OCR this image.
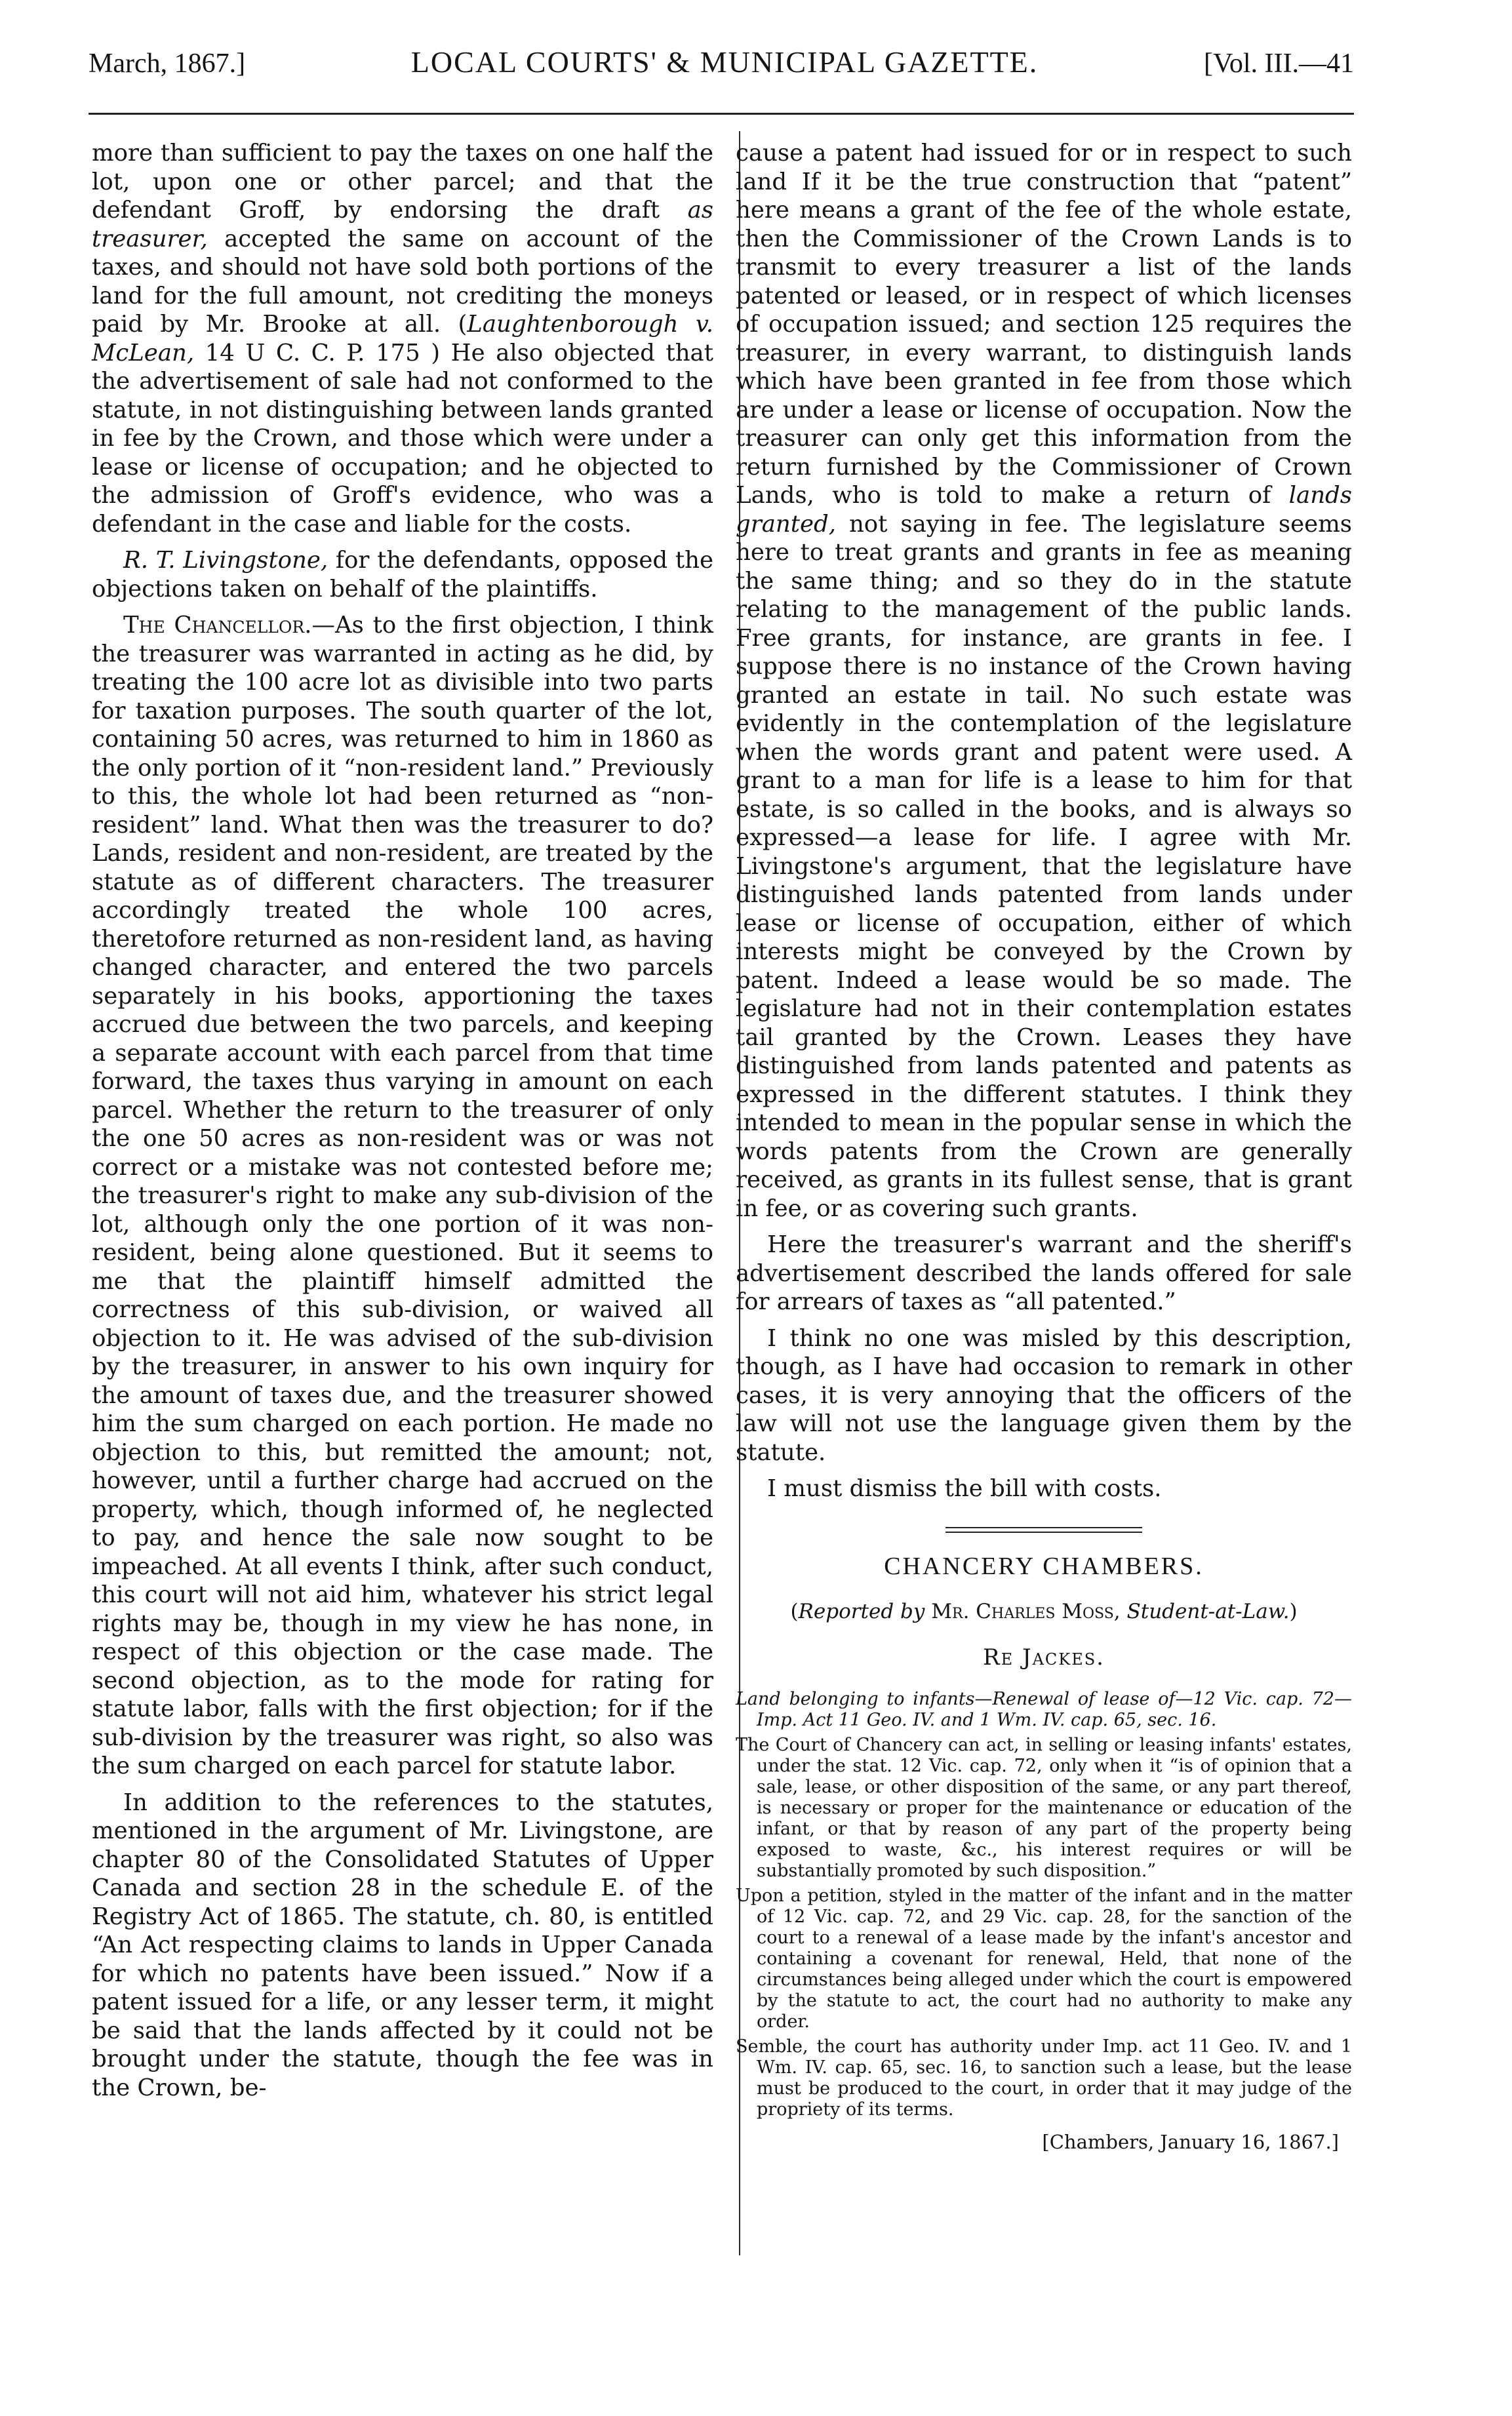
March, 1867.]	LOCAL COURTS' & MUNICIPAL GAZETTE.	[Vol. III.—41

more than sufficient to pay the taxes on one half the lot, upon one or other parcel; and that the defendant Groff, by endorsing the draft as treasurer, accepted the same on account of the taxes, and should not have sold both portions of the land for the full amount, not crediting the moneys paid by Mr. Brooke at all. (Laughtenborough v. McLean, 14 U C. C. P. 175 ) He also objected that the advertisement of sale had not conformed to the statute, in not distinguishing between lands granted in fee by the Crown, and those which were under a lease or license of occupation; and he objected to the admission of Groff's evidence, who was a defendant in the case and liable for the costs.

R. T. Livingstone, for the defendants, opposed the objections taken on behalf of the plaintiffs.

The Chancellor.—As to the first objection, I think the treasurer was warranted in acting as he did, by treating the 100 acre lot as divisible into two parts for taxation purposes. The south quarter of the lot, containing 50 acres, was returned to him in 1860 as the only portion of it “non-resident land.” Previously to this, the whole lot had been returned as “non-resident” land. What then was the treasurer to do? Lands, resident and non-resident, are treated by the statute as of different characters. The treasurer accordingly treated the whole 100 acres, theretofore returned as non-resident land, as having changed character, and entered the two parcels separately in his books, apportioning the taxes accrued due between the two parcels, and keeping a separate account with each parcel from that time forward, the taxes thus varying in amount on each parcel. Whether the return to the treasurer of only the one 50 acres as non-resident was or was not correct or a mistake was not contested before me; the treasurer's right to make any sub-division of the lot, although only the one portion of it was non-resident, being alone questioned. But it seems to me that the plaintiff himself admitted the correctness of this sub-division, or waived all objection to it. He was advised of the sub-division by the treasurer, in answer to his own inquiry for the amount of taxes due, and the treasurer showed him the sum charged on each portion. He made no objection to this, but remitted the amount; not, however, until a further charge had accrued on the property, which, though informed of, he neglected to pay, and hence the sale now sought to be impeached. At all events I think, after such conduct, this court will not aid him, whatever his strict legal rights may be, though in my view he has none, in respect of this objection or the case made. The second objection, as to the mode for rating for statute labor, falls with the first objection; for if the sub-division by the treasurer was right, so also was the sum charged on each parcel for statute labor.

In addition to the references to the statutes, mentioned in the argument of Mr. Livingstone, are chapter 80 of the Consolidated Statutes of Upper Canada and section 28 in the schedule E. of the Registry Act of 1865. The statute, ch. 80, is entitled “An Act respecting claims to lands in Upper Canada for which no patents have been issued.” Now if a patent issued for a life, or any lesser term, it might be said that the lands affected by it could not be brought under the statute, though the fee was in the Crown, be-

cause a patent had issued for or in respect to such land If it be the true construction that “patent” here means a grant of the fee of the whole estate, then the Commissioner of the Crown Lands is to transmit to every treasurer a list of the lands patented or leased, or in respect of which licenses of occupation issued; and section 125 requires the treasurer, in every warrant, to distinguish lands which have been granted in fee from those which are under a lease or license of occupation. Now the treasurer can only get this information from the return furnished by the Commissioner of Crown Lands, who is told to make a return of lands granted, not saying in fee. The legislature seems here to treat grants and grants in fee as meaning the same thing; and so they do in the statute relating to the management of the public lands. Free grants, for instance, are grants in fee. I suppose there is no instance of the Crown having granted an estate in tail. No such estate was evidently in the contemplation of the legislature when the words grant and patent were used. A grant to a man for life is a lease to him for that estate, is so called in the books, and is always so expressed—a lease for life. I agree with Mr. Livingstone's argument, that the legislature have distinguished lands patented from lands under lease or license of occupation, either of which interests might be conveyed by the Crown by patent. Indeed a lease would be so made. The legislature had not in their contemplation estates tail granted by the Crown. Leases they have distinguished from lands patented and patents as expressed in the different statutes. I think they intended to mean in the popular sense in which the words patents from the Crown are generally received, as grants in its fullest sense, that is grant in fee, or as covering such grants.

Here the treasurer's warrant and the sheriff's advertisement described the lands offered for sale for arrears of taxes as “all patented.”

I think no one was misled by this description, though, as I have had occasion to remark in other cases, it is very annoying that the officers of the law will not use the language given them by the statute.

I must dismiss the bill with costs.

CHANCERY CHAMBERS.
(Reported by Mr. Charles Moss, Student-at-Law.)
Re Jackes.

Land belonging to infants—Renewal of lease of—12 Vic. cap. 72—Imp. Act 11 Geo. IV. and 1 Wm. IV. cap. 65, sec. 16.

The Court of Chancery can act, in selling or leasing infants' estates, under the stat. 12 Vic. cap. 72, only when it “is of opinion that a sale, lease, or other disposition of the same, or any part thereof, is necessary or proper for the maintenance or education of the infant, or that by reason of any part of the property being exposed to waste, &c., his interest requires or will be substantially promoted by such disposition.”

Upon a petition, styled in the matter of the infant and in the matter of 12 Vic. cap. 72, and 29 Vic. cap. 28, for the sanction of the court to a renewal of a lease made by the infant's ancestor and containing a covenant for renewal, Held, that none of the circumstances being alleged under which the court is empowered by the statute to act, the court had no authority to make any order.

Semble, the court has authority under Imp. act 11 Geo. IV. and 1 Wm. IV. cap. 65, sec. 16, to sanction such a lease, but the lease must be produced to the court, in order that it may judge of the propriety of its terms.

[Chambers, January 16, 1867.]
